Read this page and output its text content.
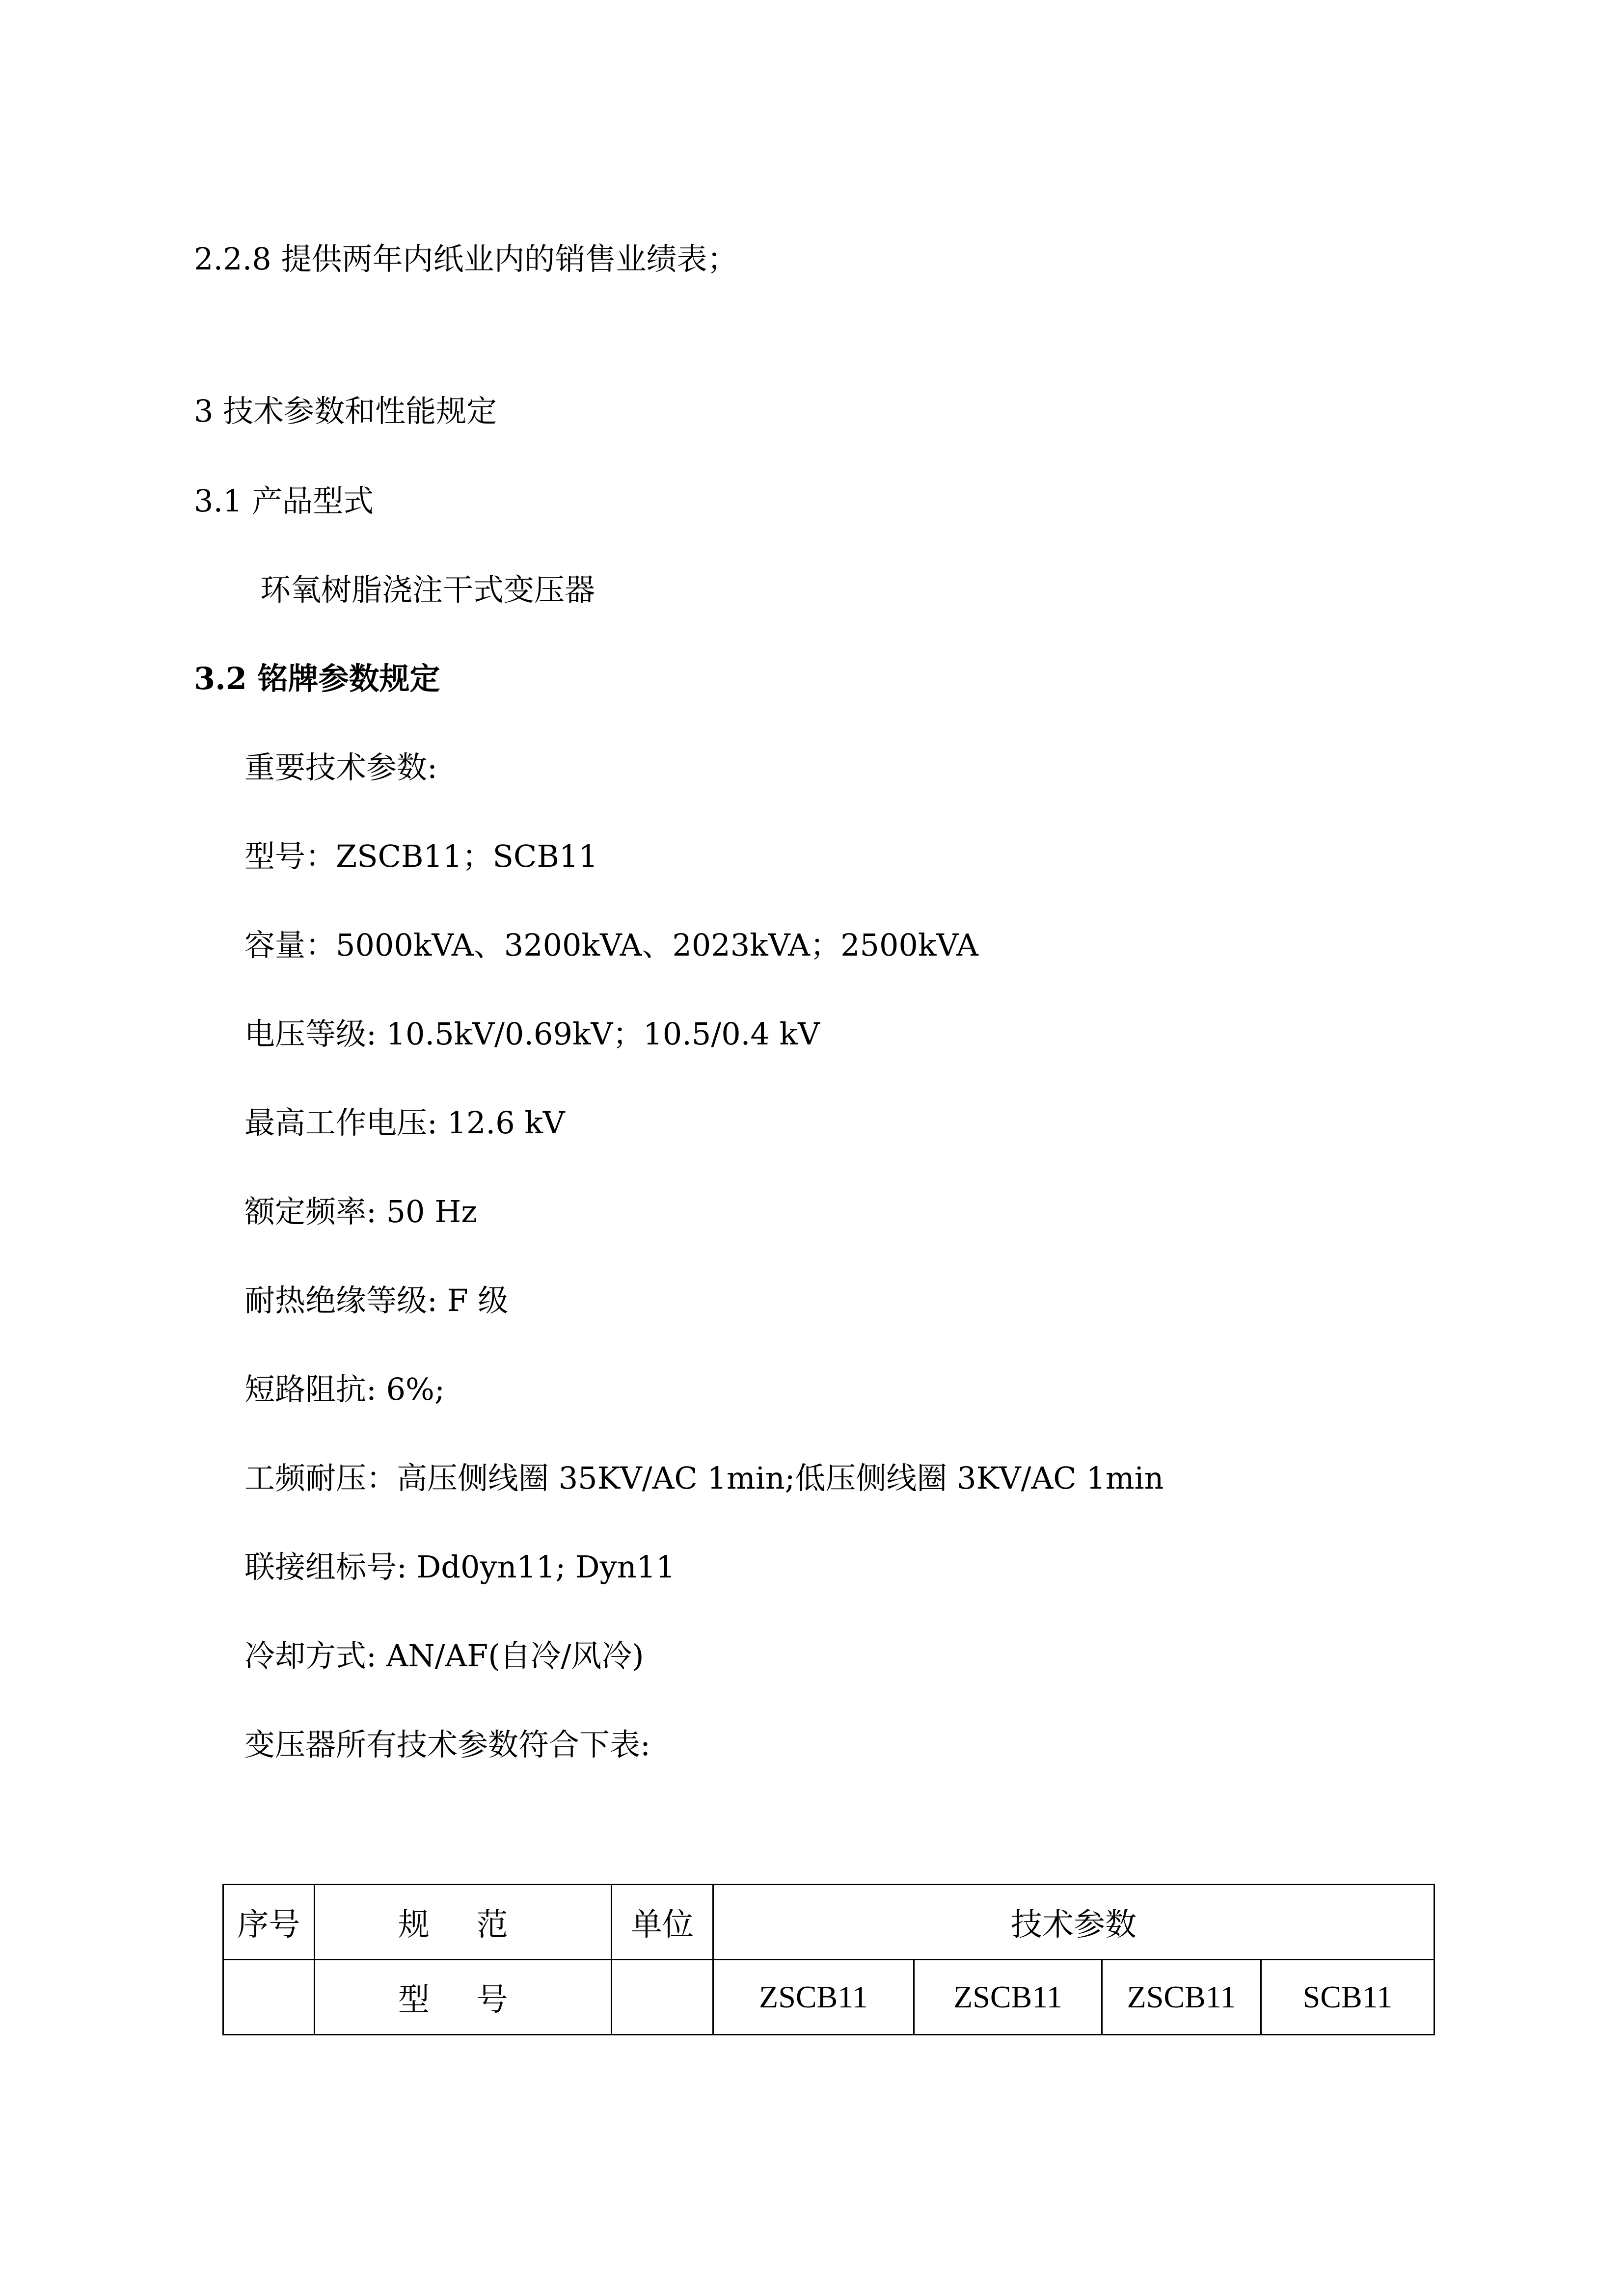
2.2.8 提供两年内纸业内的销售业绩表；
3 技术参数和性能规定
3.1 产品型式
环氧树脂浇注干式变压器
3.2 铭牌参数规定
重要技术参数:
型号：ZSCB11；SCB11
容量：5000kVA、3200kVA、2023kVA；2500kVA
电压等级: 10.5kV/0.69kV；10.5/0.4 kV
最高工作电压: 12.6 kV
额定频率: 50 Hz
耐热绝缘等级: F 级
短路阻抗: 6%;
工频耐压：高压侧线圈 35KV/AC 1min;低压侧线圈 3KV/AC 1min
联接组标号: Dd0yn11; Dyn11
冷却方式: AN/AF(自冷/风冷)
变压器所有技术参数符合下表:
序号	规 范	单位	技术参数			
	型 号		ZSCB11	ZSCB11	ZSCB11	SCB11
